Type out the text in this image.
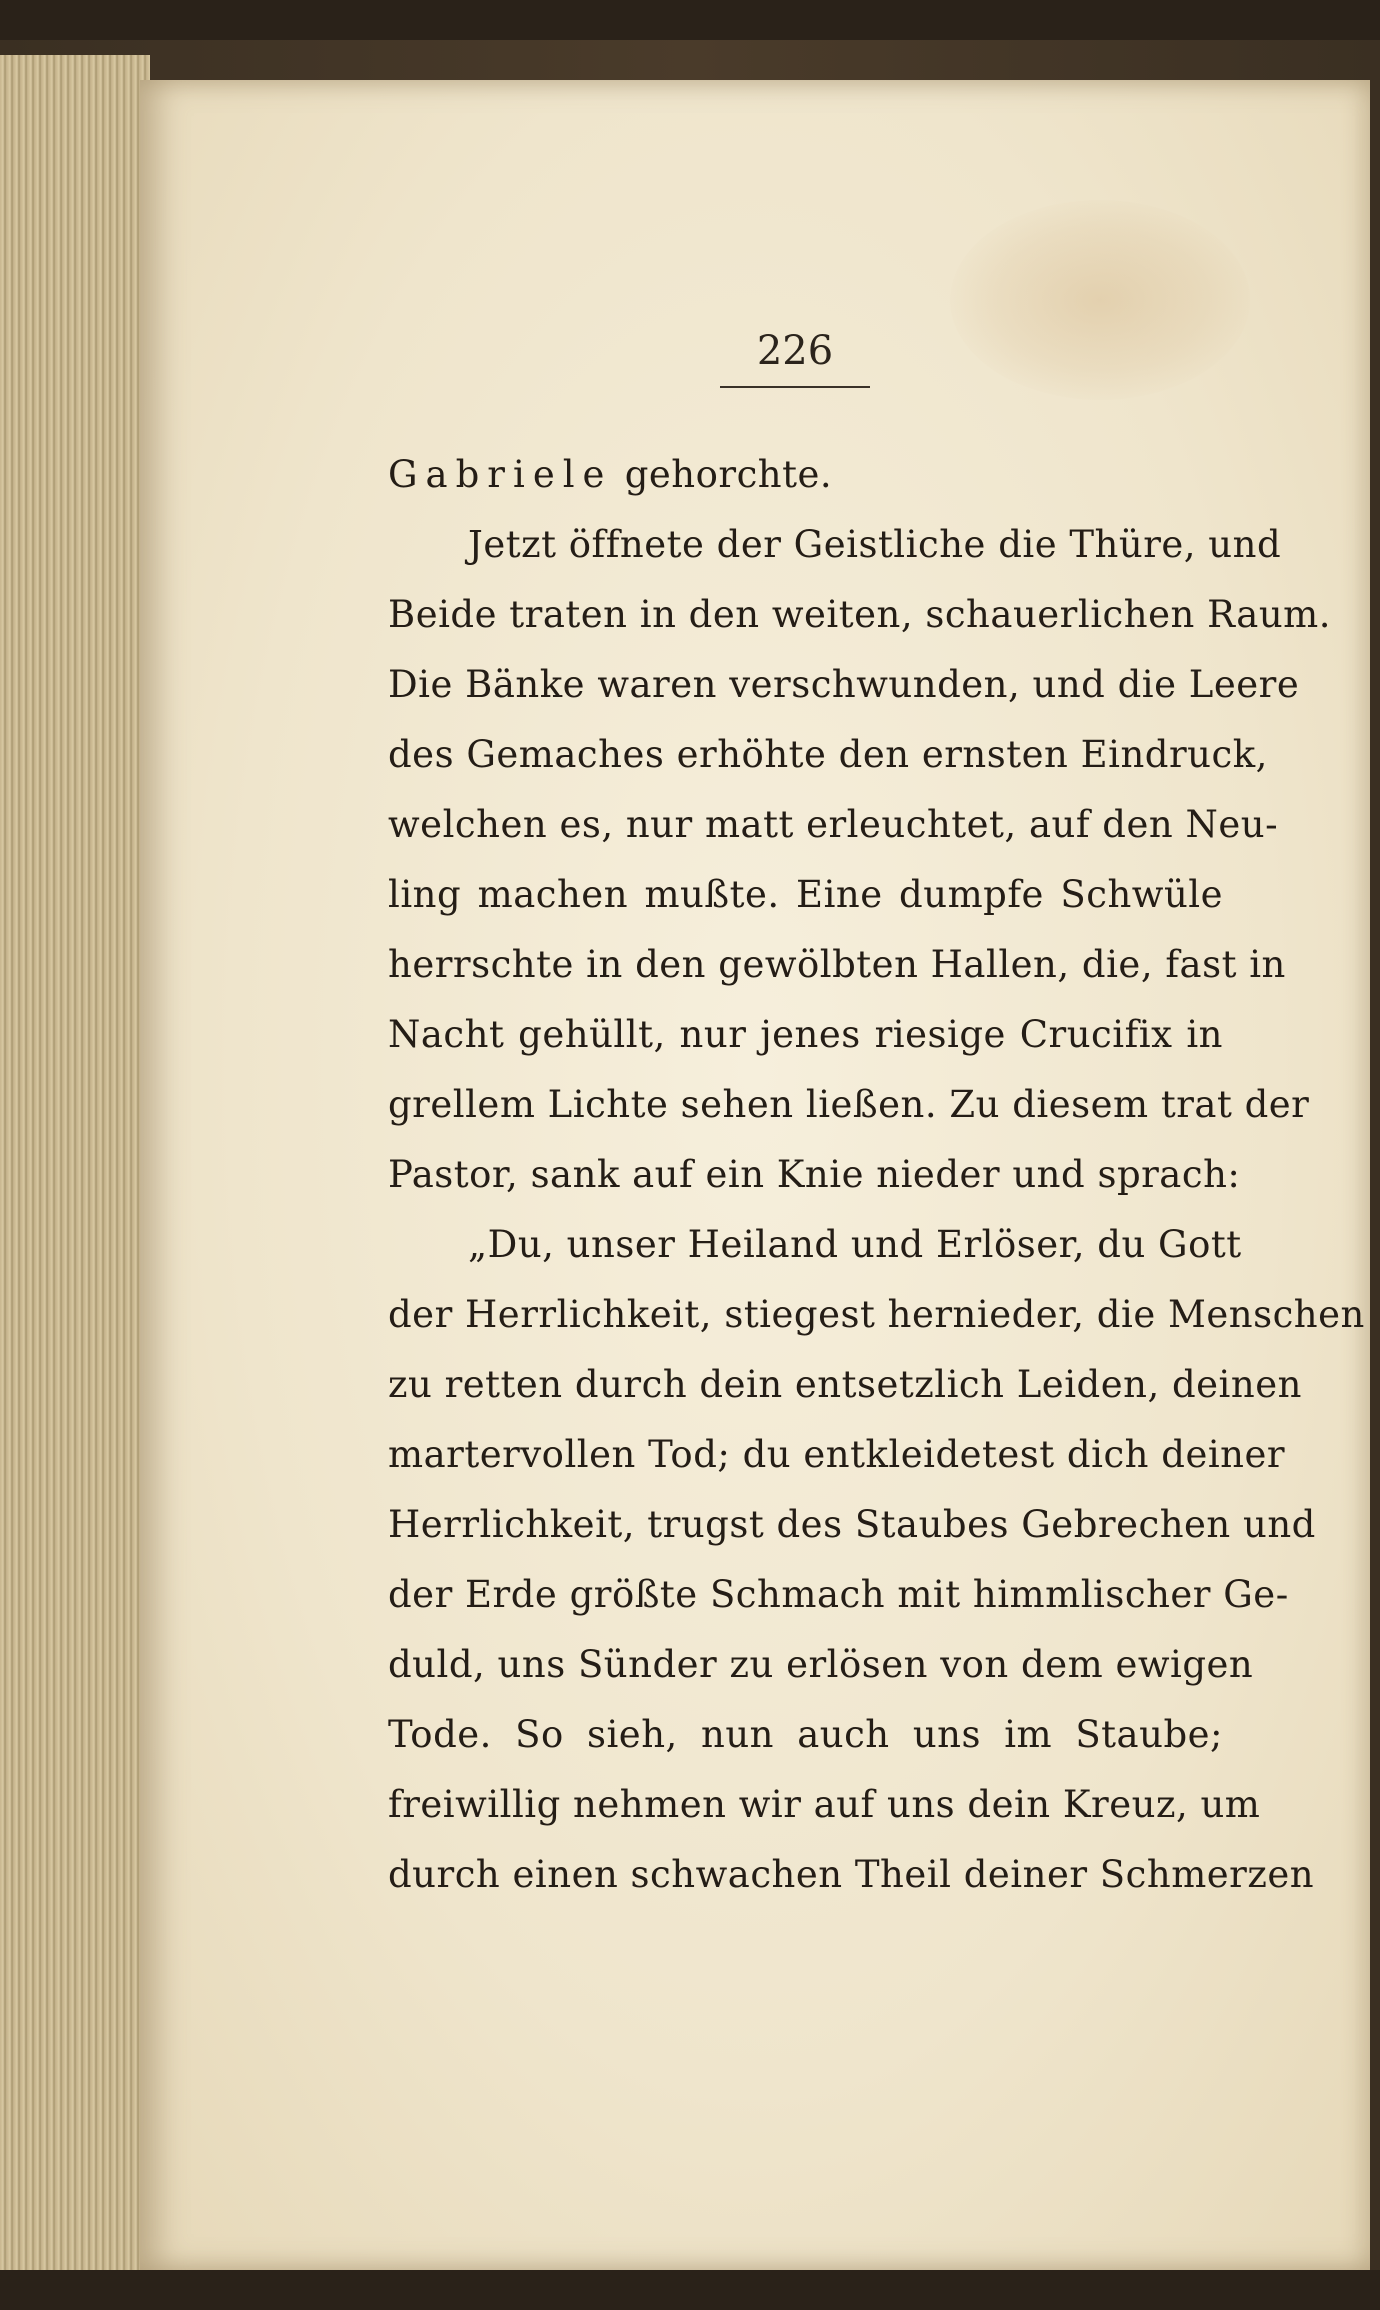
226
Gabriele gehorchte.
Jetzt öffnete der Geistliche die Thüre, und
Beide traten in den weiten, schauerlichen Raum.
Die Bänke waren verschwunden, und die Leere
des Gemaches erhöhte den ernsten Eindruck,
welchen es, nur matt erleuchtet, auf den Neu-
ling machen mußte. Eine dumpfe Schwüle
herrschte in den gewölbten Hallen, die, fast in
Nacht gehüllt, nur jenes riesige Crucifix in
grellem Lichte sehen ließen. Zu diesem trat der
Pastor, sank auf ein Knie nieder und sprach:
„Du, unser Heiland und Erlöser, du Gott
der Herrlichkeit, stiegest hernieder, die Menschen
zu retten durch dein entsetzlich Leiden, deinen
martervollen Tod; du entkleidetest dich deiner
Herrlichkeit, trugst des Staubes Gebrechen und
der Erde größte Schmach mit himmlischer Ge-
duld, uns Sünder zu erlösen von dem ewigen
Tode. So sieh, nun auch uns im Staube;
freiwillig nehmen wir auf uns dein Kreuz, um
durch einen schwachen Theil deiner Schmerzen
